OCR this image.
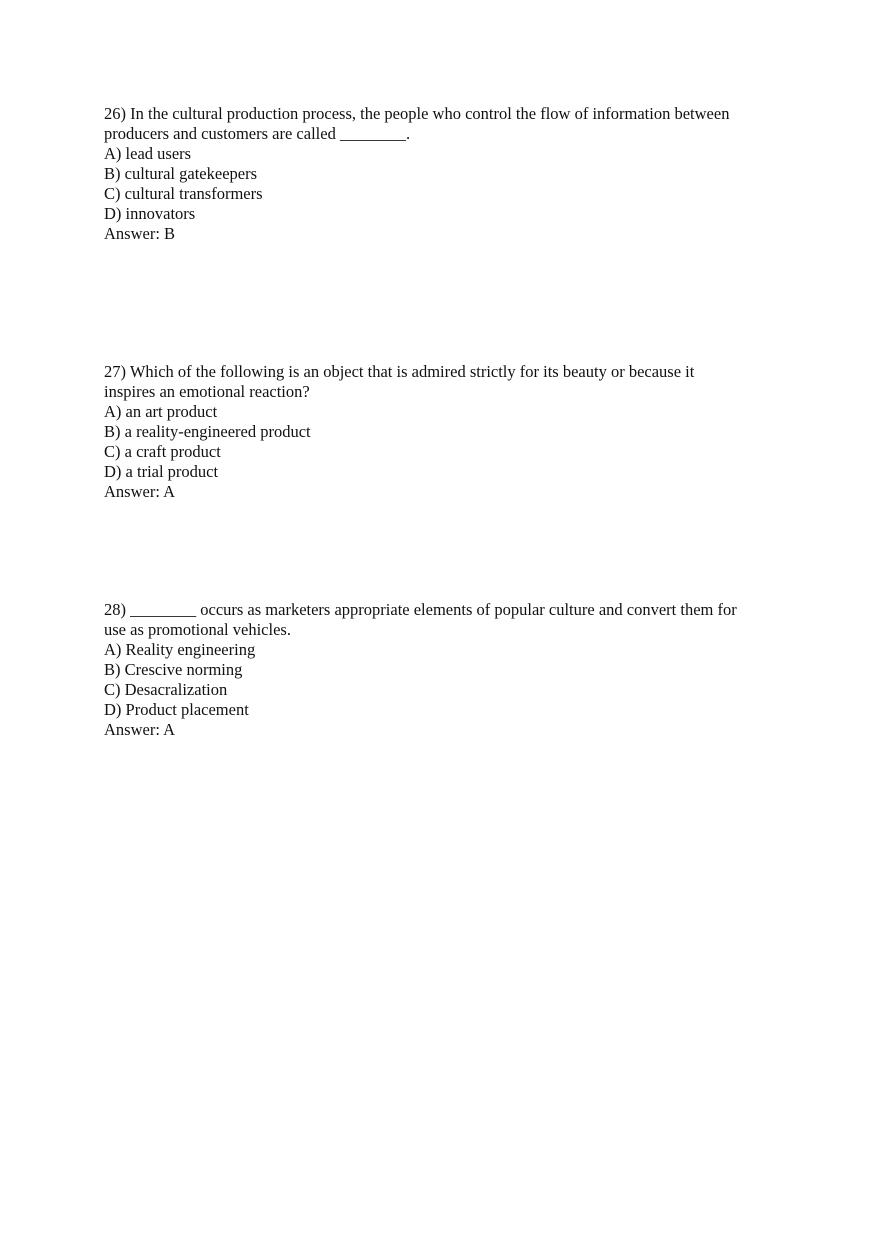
26) In the cultural production process, the people who control the flow of information between
producers and customers are called ________.
A) lead users
B) cultural gatekeepers
C) cultural transformers
D) innovators
Answer: B
27) Which of the following is an object that is admired strictly for its beauty or because it
inspires an emotional reaction?
A) an art product
B) a reality-engineered product
C) a craft product
D) a trial product
Answer: A
28) ________ occurs as marketers appropriate elements of popular culture and convert them for
use as promotional vehicles.
A) Reality engineering
B) Crescive norming
C) Desacralization
D) Product placement
Answer: A
